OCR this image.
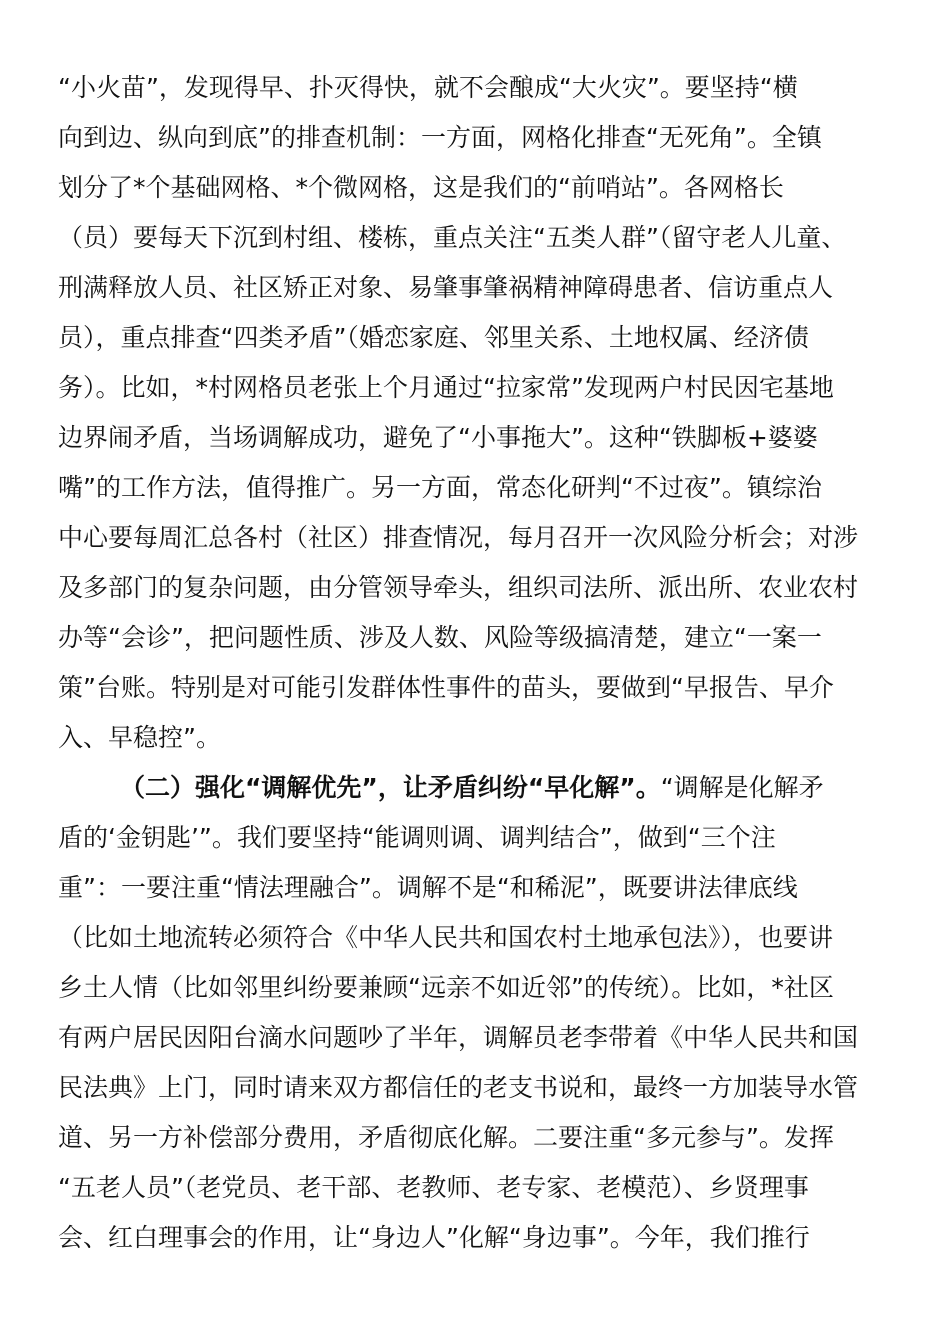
“小火苗”，发现得早、扑灭得快，就不会酿成“大火灾”。要坚持“横
向到边、纵向到底”的排查机制：一方面，网格化排查“无死角”。全镇
划分了*个基础网格、*个微网格，这是我们的“前哨站”。各网格长
（员）要每天下沉到村组、楼栋，重点关注“五类人群”（留守老人儿童、
刑满释放人员、社区矫正对象、易肇事肇祸精神障碍患者、信访重点人
员），重点排查“四类矛盾”（婚恋家庭、邻里关系、土地权属、经济债
务）。比如，*村网格员老张上个月通过“拉家常”发现两户村民因宅基地
边界闹矛盾，当场调解成功，避免了“小事拖大”。这种“铁脚板+婆婆
嘴”的工作方法，值得推广。另一方面，常态化研判“不过夜”。镇综治
中心要每周汇总各村（社区）排查情况，每月召开一次风险分析会；对涉
及多部门的复杂问题，由分管领导牵头，组织司法所、派出所、农业农村
办等“会诊”，把问题性质、涉及人数、风险等级搞清楚，建立“一案一
策”台账。特别是对可能引发群体性事件的苗头，要做到“早报告、早介
入、早稳控”。
（二）强化“调解优先”，让矛盾纠纷“早化解”。“调解是化解矛
盾的‘金钥匙’”。我们要坚持“能调则调、调判结合”，做到“三个注
重”：一要注重“情法理融合”。调解不是“和稀泥”，既要讲法律底线
（比如土地流转必须符合《中华人民共和国农村土地承包法》），也要讲
乡土人情（比如邻里纠纷要兼顾“远亲不如近邻”的传统）。比如，*社区
有两户居民因阳台滴水问题吵了半年，调解员老李带着《中华人民共和国
民法典》上门，同时请来双方都信任的老支书说和，最终一方加装导水管
道、另一方补偿部分费用，矛盾彻底化解。二要注重“多元参与”。发挥
“五老人员”（老党员、老干部、老教师、老专家、老模范）、乡贤理事
会、红白理事会的作用，让“身边人”化解“身边事”。今年，我们推行
